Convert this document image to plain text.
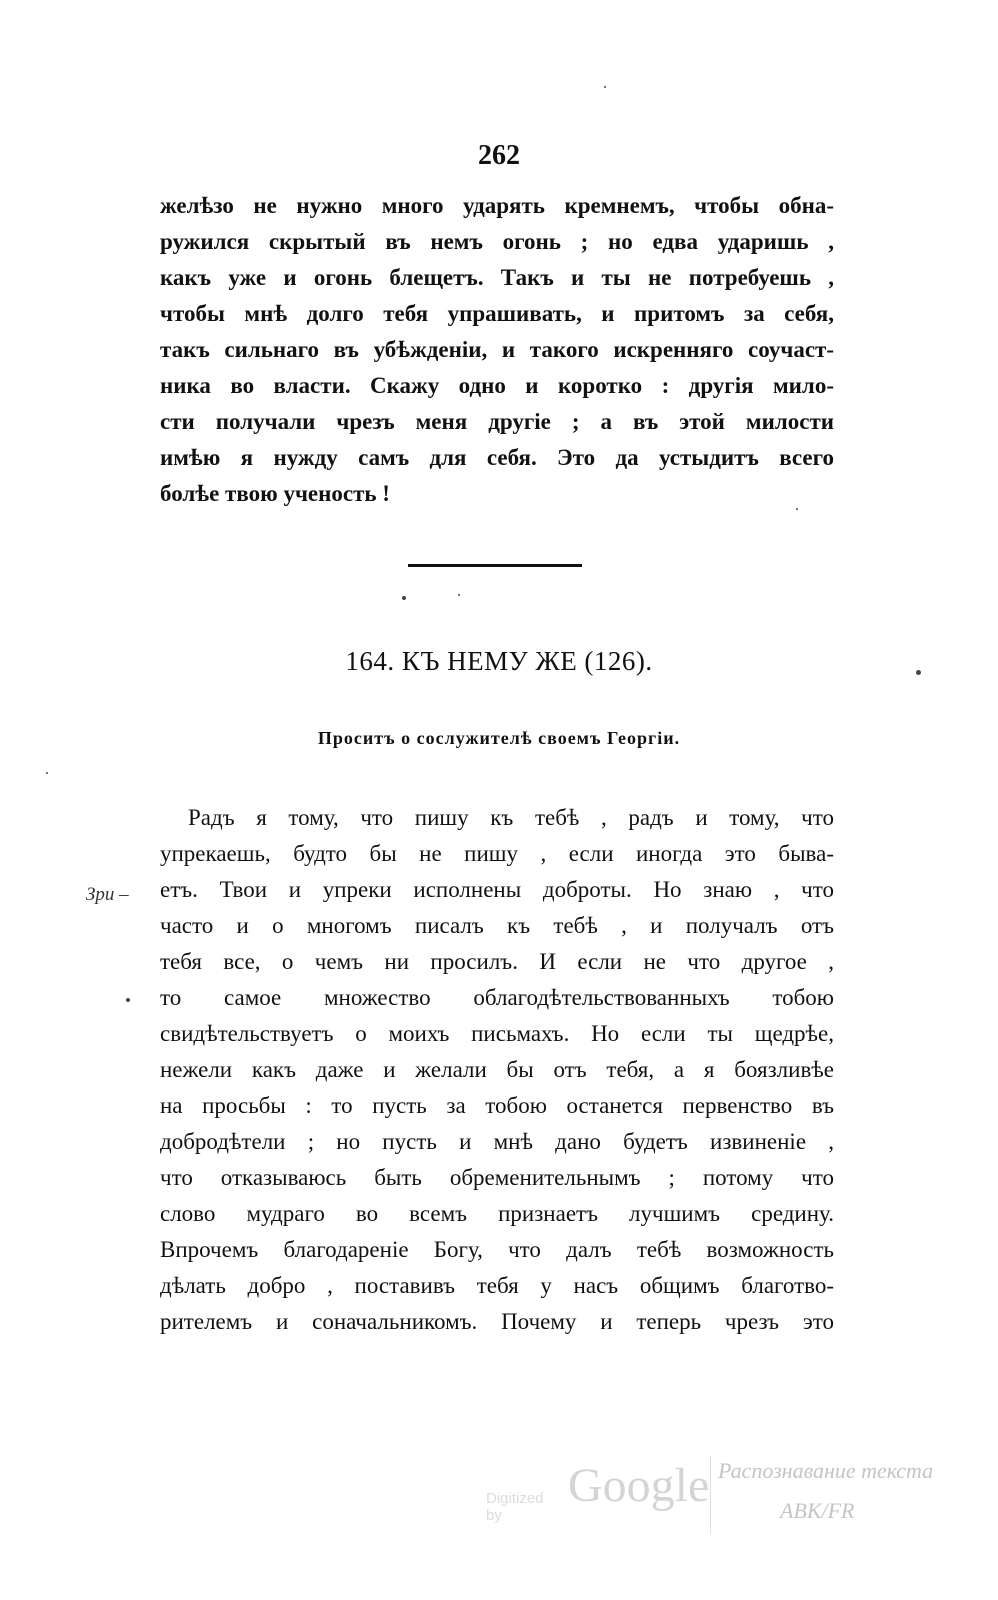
262
желѣзо не нужно много ударять кремнемъ, чтобы обна-
ружился скрытый въ немъ огонь ; но едва ударишь ,
какъ уже и огонь блещетъ. Такъ и ты не потребуешь ,
чтобы мнѣ долго тебя упрашивать, и притомъ за себя,
такъ сильнаго въ убѣжденіи, и такого искренняго соучаст-
ника во власти. Скажу одно и коротко : другія мило-
сти получали чрезъ меня другіе ; а въ этой милости
имѣю я нужду самъ для себя. Это да устыдитъ всего
болѣе твою ученость !
164. КЪ НЕМУ ЖЕ (126).
Проситъ о сослужителѣ своемъ Георгіи.
Зри –
Радъ я тому, что пишу къ тебѣ , радъ и тому, что
упрекаешь, будто бы не пишу , если иногда это быва-
етъ. Твои и упреки исполнены доброты. Но знаю , что
часто и о многомъ писалъ къ тебѣ , и получалъ отъ
тебя все, о чемъ ни просилъ. И если не что другое ,
то самое множество облагодѣтельствованныхъ тобою
свидѣтельствуетъ о моихъ письмахъ. Но если ты щедрѣе,
нежели какъ даже и желали бы отъ тебя, а я боязливѣе
на просьбы : то пусть за тобою останется первенство въ
добродѣтели ; но пусть и мнѣ дано будетъ извиненіе ,
что отказываюсь быть обременительнымъ ; потому что
слово мудраго во всемъ признаетъ лучшимъ средину.
Впрочемъ благодареніе Богу, что далъ тебѣ возможность
дѣлать добро , поставивъ тебя у насъ общимъ благотво-
рителемъ и соначальникомъ. Почему и теперь чрезъ это
Digitized by
Google Распознавание текста
АВК/FR
